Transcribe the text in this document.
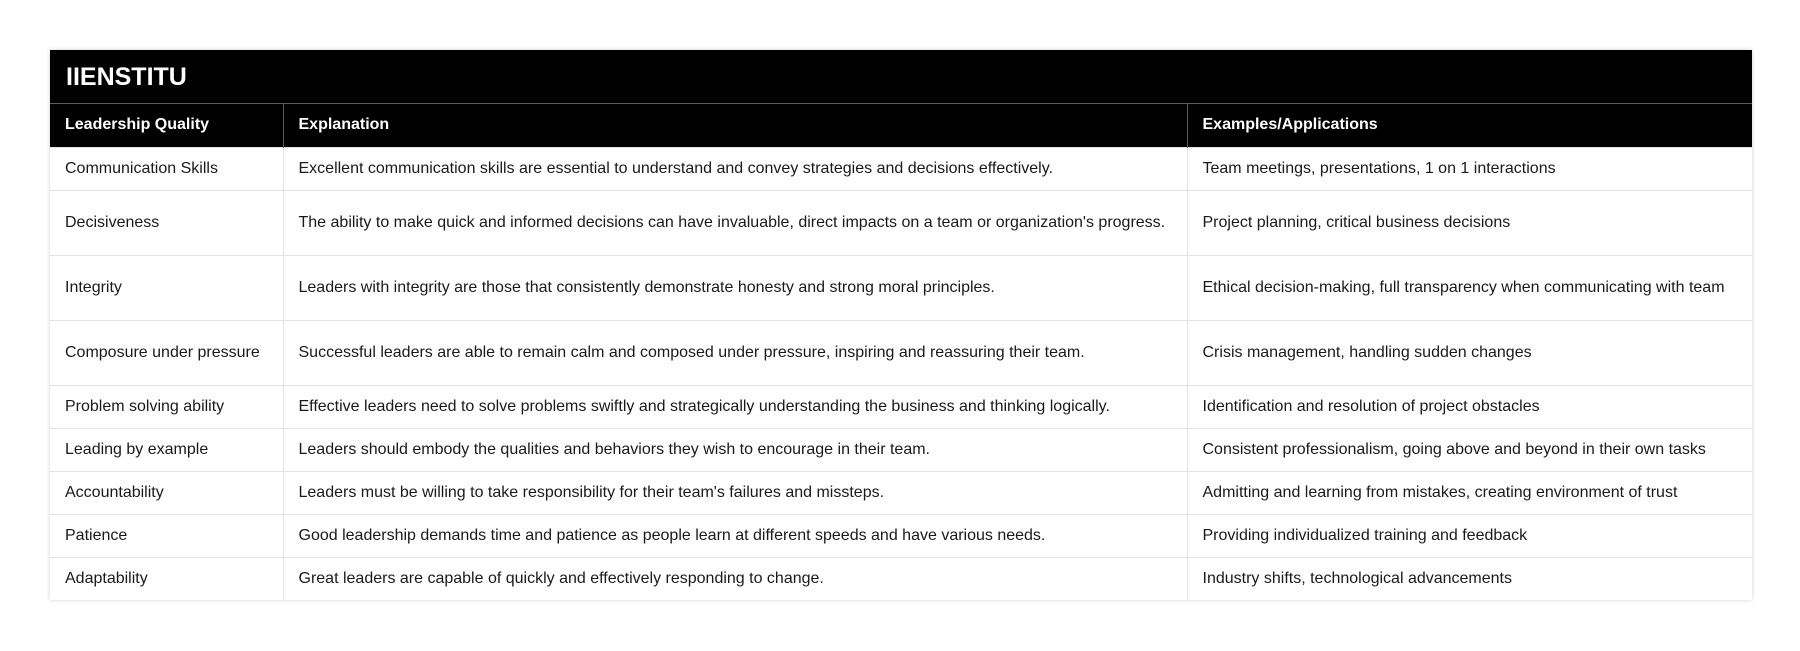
IIENSTITU
Leadership Quality	Explanation	Examples/Applications
Communication Skills	Excellent communication skills are essential to understand and convey strategies and decisions effectively.	Team meetings, presentations, 1 on 1 interactions
Decisiveness	The ability to make quick and informed decisions can have invaluable, direct impacts on a team or organization's progress.	Project planning, critical business decisions
Integrity	Leaders with integrity are those that consistently demonstrate honesty and strong moral principles.	Ethical decision-making, full transparency when communicating with team
Composure under pressure	Successful leaders are able to remain calm and composed under pressure, inspiring and reassuring their team.	Crisis management, handling sudden changes
Problem solving ability	Effective leaders need to solve problems swiftly and strategically understanding the business and thinking logically.	Identification and resolution of project obstacles
Leading by example	Leaders should embody the qualities and behaviors they wish to encourage in their team.	Consistent professionalism, going above and beyond in their own tasks
Accountability	Leaders must be willing to take responsibility for their team's failures and missteps.	Admitting and learning from mistakes, creating environment of trust
Patience	Good leadership demands time and patience as people learn at different speeds and have various needs.	Providing individualized training and feedback
Adaptability	Great leaders are capable of quickly and effectively responding to change.	Industry shifts, technological advancements
